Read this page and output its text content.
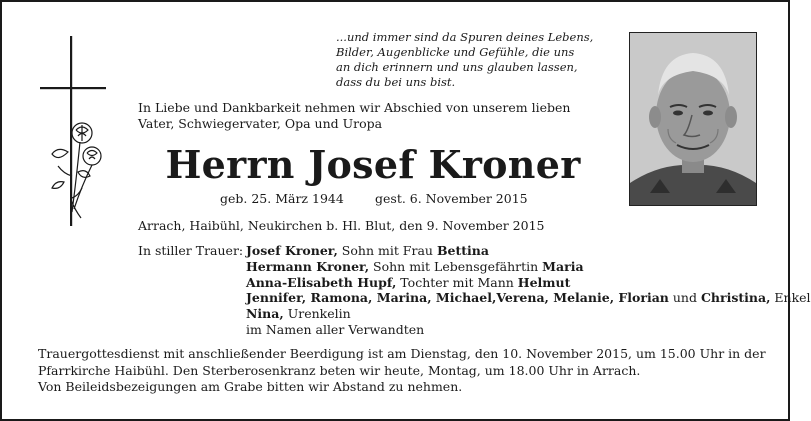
...und immer sind da Spuren deines Lebens,
Bilder, Augenblicke und Gefühle, die uns
an dich erinnern und uns glauben lassen,
dass du bei uns bist.
In Liebe und Dankbarkeit nehmen wir Abschied von unserem lieben Vater, Schwiegervater, Opa und Uropa
Herrn Josef Kroner
geb. 25. März 1944 gest. 6. November 2015
Arrach, Haibühl, Neukirchen b. Hl. Blut, den 9. November 2015
In stiller Trauer: Josef Kroner, Sohn mit Frau Bettina
Hermann Kroner, Sohn mit Lebensgefährtin Maria
Anna-Elisabeth Hupf, Tochter mit Mann Helmut
Jennifer, Ramona, Marina, Michael,Verena, Melanie, Florian und Christina, Enkel
Nina, Urenkelin
im Namen aller Verwandten
Trauergottesdienst mit anschließender Beerdigung ist am Dienstag, den 10. November 2015, um 15.00 Uhr in der Pfarrkirche Haibühl. Den Sterberosenkranz beten wir heute, Montag, um 18.00 Uhr in Arrach.
Von Beileidsbezeigungen am Grabe bitten wir Abstand zu nehmen.
